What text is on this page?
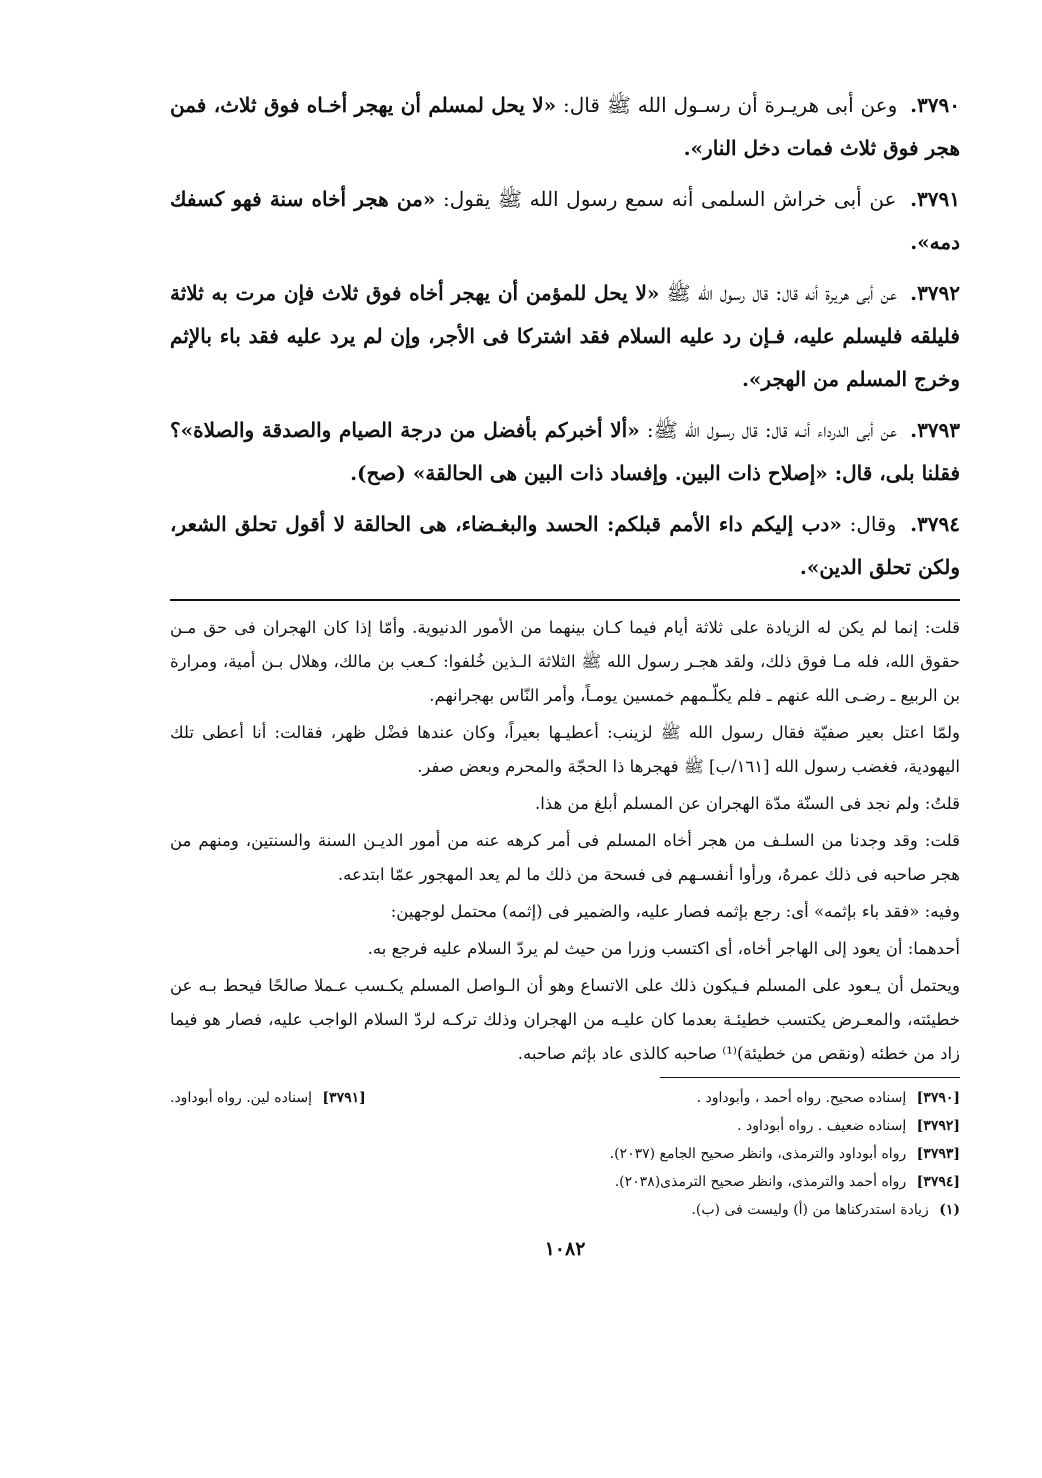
٣٧٩٠. وعن أبى هريـرة أن رسـول الله ﷺ قال: «لا يحل لمسلم أن يهجر أخـاه فوق ثلاث، فمن هجر فوق ثلاث فمات دخل النار».

٣٧٩١. عن أبى خراش السلمى أنه سمع رسول الله ﷺ يقول: «من هجر أخاه سنة فهو كسفك دمه».

٣٧٩٢. عن أبى هريرة أنه قال: قال رسول الله ﷺ «لا يحل للمؤمن أن يهجر أخاه فوق ثلاث فإن مرت به ثلاثة فليلقه فليسلم عليه، فـإن رد عليه السلام فقد اشتركا فى الأجر، وإن لم يرد عليه فقد باء بالإثم وخرج المسلم من الهجر».

٣٧٩٣. عن أبى الدرداء أنـه قال: قال رسـول الله ﷺ: «ألا أخبركم بأفضل من درجة الصيام والصدقة والصلاة»؟ فقلنا بلى، قال: «إصلاح ذات البين. وإفساد ذات البين هى الحالقة» (صح).

٣٧٩٤. وقال: «دب إليكم داء الأمم قبلكم: الحسد والبغـضاء، هى الحالقة لا أقول تحلق الشعر، ولكن تحلق الدين».

قلت: إنما لم يكن له الزيادة على ثلاثة أيام فيما كـان بينهما من الأمور الدنيوية. وأمّا إذا كان الهجران فى حق مـن حقوق الله، فله مـا فوق ذلك، ولقد هجـر رسول الله ﷺ الثلاثة الـذين خُلفوا: كـعب بن مالك، وهلال بـن أمية، ومرارة بن الربيع ـ رضـى الله عنهم ـ فلم يكلّـمهم خمسين يومـاً، وأمر النّاس بهجرانهم.

ولمّا اعتل بعير صفيّة فقال رسول الله ﷺ لزينب: أعطيـها بعيراً، وكان عندها فضْل ظهر، فقالت: أنا أعطى تلك اليهودية، فغضب رسول الله [١٦١/ب] ﷺ فهجرها ذا الحجّة والمحرم وبعض صفر.

قلتُ: ولم نجد فى السنّة مدّة الهجران عن المسلم أبلغ من هذا.

قلت: وقد وجدنا من السلـف من هجر أخاه المسلم فى أمر كرهه عنه من أمور الديـن السنة والسنتين، ومنهم من هجر صاحبه فى ذلك عمرهُ، ورأوا أنفسـهم فى فسحة من ذلك ما لم يعد المهجور عمّا ابتدعه.

وفيه: «فقد باء بإثمه» أى: رجع بإثمه فصار عليه، والضمير فى (إثمه) محتمل لوجهين:

أحدهما: أن يعود إلى الهاجر أخاه، أى اكتسب وزرا من حيث لم يردّ السلام عليه فرجع به.

ويحتمل أن يـعود على المسلم فـيكون ذلك على الاتساع وهو أن الـواصل المسلم يكـسب عـملا صالحًا فيحط بـه عن خطيئته، والمعـرض يكتسب خطيئـة بعدما كان عليـه من الهجران وذلك تركـه لردّ السلام الواجب عليه، فصار هو فيما زاد من خطئه (ونقص من خطيئة)⁽¹⁾ صاحبه كالذى عاد بإثم صاحبه.

[٣٧٩٠] إسناده صحيح. رواه أحمد ، وأبوداود .
[٣٧٩١] إسناده لين. رواه أبوداود.
[٣٧٩٢] إسناده ضعيف . رواه أبوداود .
[٣٧٩٣] رواه أبوداود والترمذى، وانظر صحيح الجامع (٢٠٣٧).
[٣٧٩٤] رواه أحمد والترمذى، وانظر صحيح الترمذى(٢٠٣٨).
(١) زيادة استدركناها من (أ) وليست فى (ب).
١٠٨٢
